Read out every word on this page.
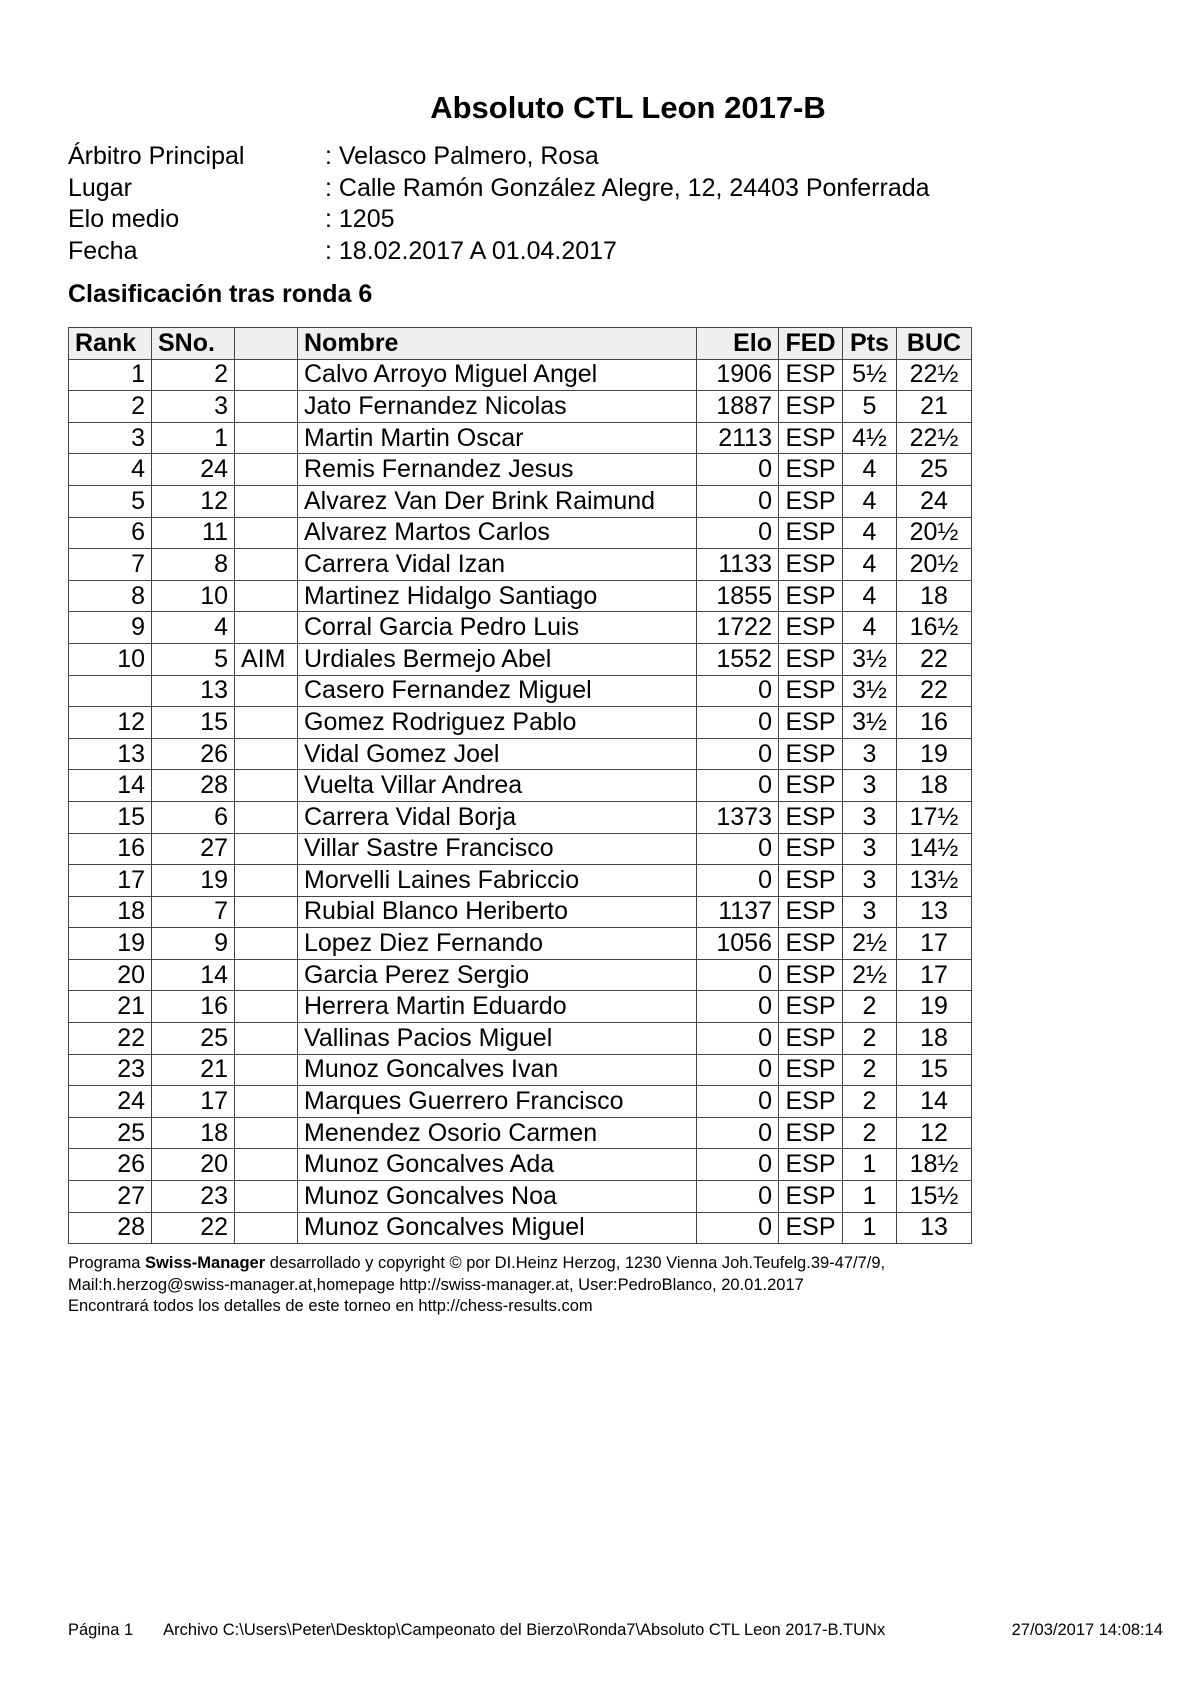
Absoluto CTL Leon 2017-B
Árbitro Principal	: Velasco Palmero, Rosa
Lugar	: Calle Ramón González Alegre, 12, 24403 Ponferrada
Elo medio	: 1205
Fecha	: 18.02.2017 A 01.04.2017
Clasificación tras ronda 6
Rank	SNo.		Nombre	Elo	FED	Pts	BUC
1	2		Calvo Arroyo Miguel Angel	1906	ESP	5½	22½
2	3		Jato Fernandez Nicolas	1887	ESP	5	21
3	1		Martin Martin Oscar	2113	ESP	4½	22½
4	24		Remis Fernandez Jesus	0	ESP	4	25
5	12		Alvarez Van Der Brink Raimund	0	ESP	4	24
6	11		Alvarez Martos Carlos	0	ESP	4	20½
7	8		Carrera Vidal Izan	1133	ESP	4	20½
8	10		Martinez Hidalgo Santiago	1855	ESP	4	18
9	4		Corral Garcia Pedro Luis	1722	ESP	4	16½
10	5	AIM	Urdiales Bermejo Abel	1552	ESP	3½	22
	13		Casero Fernandez Miguel	0	ESP	3½	22
12	15		Gomez Rodriguez Pablo	0	ESP	3½	16
13	26		Vidal Gomez Joel	0	ESP	3	19
14	28		Vuelta Villar Andrea	0	ESP	3	18
15	6		Carrera Vidal Borja	1373	ESP	3	17½
16	27		Villar Sastre Francisco	0	ESP	3	14½
17	19		Morvelli Laines Fabriccio	0	ESP	3	13½
18	7		Rubial Blanco Heriberto	1137	ESP	3	13
19	9		Lopez Diez Fernando	1056	ESP	2½	17
20	14		Garcia Perez Sergio	0	ESP	2½	17
21	16		Herrera Martin Eduardo	0	ESP	2	19
22	25		Vallinas Pacios Miguel	0	ESP	2	18
23	21		Munoz Goncalves Ivan	0	ESP	2	15
24	17		Marques Guerrero Francisco	0	ESP	2	14
25	18		Menendez Osorio Carmen	0	ESP	2	12
26	20		Munoz Goncalves Ada	0	ESP	1	18½
27	23		Munoz Goncalves Noa	0	ESP	1	15½
28	22		Munoz Goncalves Miguel	0	ESP	1	13
Programa Swiss-Manager desarrollado y copyright © por DI.Heinz Herzog, 1230 Vienna Joh.Teufelg.39-47/7/9,
Mail:h.herzog@swiss-manager.at,homepage http://swiss-manager.at, User:PedroBlanco, 20.01.2017
Encontrará todos los detalles de este torneo en http://chess-results.com
Página 1 Archivo C:\Users\Peter\Desktop\Campeonato del Bierzo\Ronda7\Absoluto CTL Leon 2017-B.TUNx	27/03/2017 14:08:14
